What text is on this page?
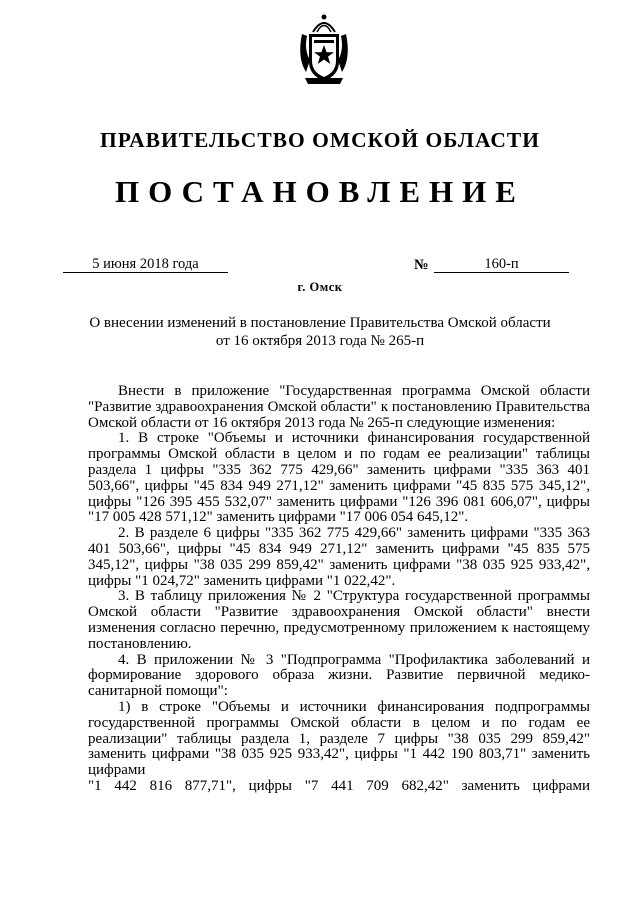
ПРАВИТЕЛЬСТВО ОМСКОЙ ОБЛАСТИ
ПОСТАНОВЛЕНИЕ
5 июня 2018 года	№	160-п
г. Омск
О внесении изменений в постановление Правительства Омской области
от 16 октября 2013 года № 265-п

Внести в приложение "Государственная программа Омской области "Развитие здравоохранения Омской области" к постановлению Правительства Омской области от 16 октября 2013 года № 265-п следующие изменения:

1. В строке "Объемы и источники финансирования государственной программы Омской области в целом и по годам ее реализации" таблицы раздела 1 цифры "335 362 775 429,66" заменить цифрами "335 363 401 503,66", цифры "45 834 949 271,12" заменить цифрами "45 835 575 345,12", цифры "126 395 455 532,07" заменить цифрами "126 396 081 606,07", цифры "17 005 428 571,12" заменить цифрами "17 006 054 645,12".

2. В разделе 6 цифры "335 362 775 429,66" заменить цифрами "335 363 401 503,66", цифры "45 834 949 271,12" заменить цифрами "45 835 575 345,12", цифры "38 035 299 859,42" заменить цифрами "38 035 925 933,42", цифры "1 024,72" заменить цифрами "1 022,42".

3. В таблицу приложения № 2 "Структура государственной программы Омской области "Развитие здравоохранения Омской области" внести изменения согласно перечню, предусмотренному приложением к настоящему постановлению.

4. В приложении № 3 "Подпрограмма "Профилактика заболеваний и формирование здорового образа жизни. Развитие первичной медико-санитарной помощи":

1) в строке "Объемы и источники финансирования подпрограммы государственной программы Омской области в целом и по годам ее реализации" таблицы раздела 1, разделе 7 цифры "38 035 299 859,42" заменить цифрами "38 035 925 933,42", цифры "1 442 190 803,71" заменить цифрами

"1 442 816 877,71", цифры "7 441 709 682,42" заменить цифрами
